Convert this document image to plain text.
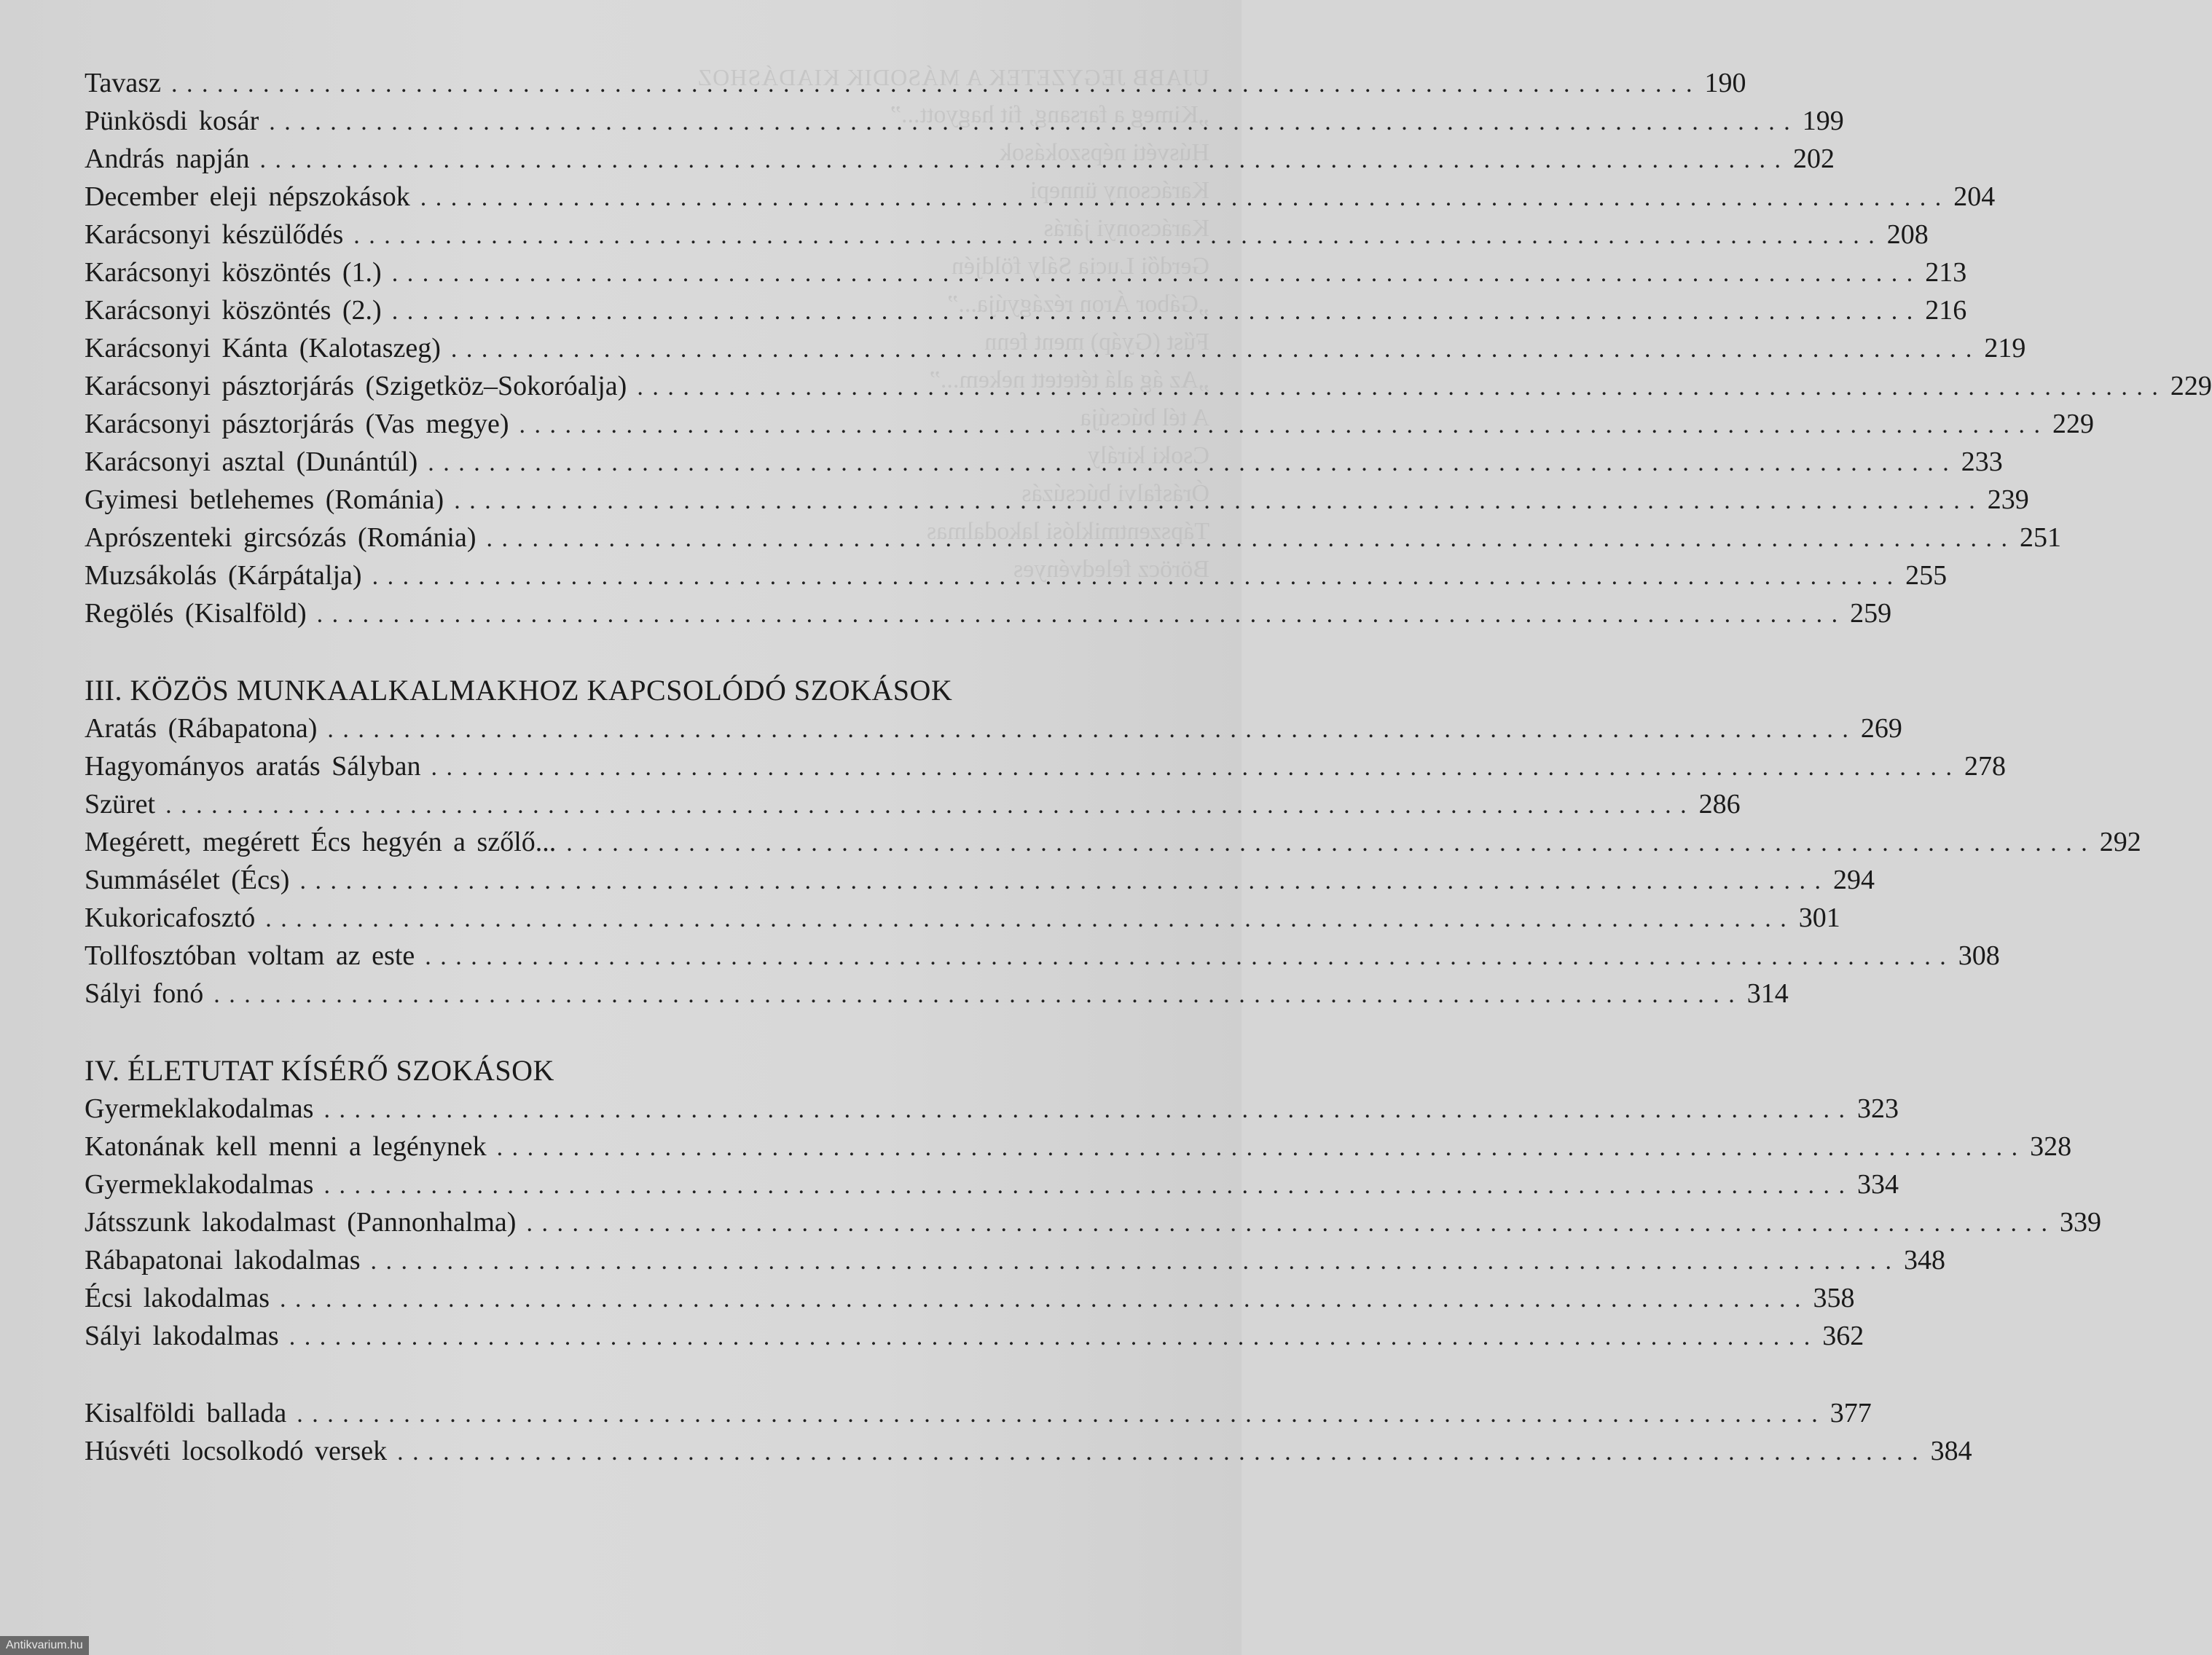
UJABB JEGYZETEK A MÁSODIK KIADÁSHOZ
„Kimeg a farsang, fit hagyott...”
Húsvéti népszokások
Karácsony ünnepi
Karácsonyi járás
Gerdői Lucia Sály földjén
„Gábor Áron rézágyúja...”
Fűst (Gyáp) ment fenn
„Az ág alá tétetett nekem...”
A tél búcsúja
Csoki király
Órásfalvi búcsúzás
Tápszentmiklósi lakodalmas
Böröcz feledvényes
Tavasz . . .	190
Pünkösdi kosár . . .	199
András napján . . .	202
December eleji népszokások . . .	204
Karácsonyi készülődés . . .	208
Karácsonyi köszöntés (1.) . . .	213
Karácsonyi köszöntés (2.) . . .	216
Karácsonyi Kánta (Kalotaszeg) . . .	219
Karácsonyi pásztorjárás (Szigetköz–Sokoróalja) . . .	229
Karácsonyi pásztorjárás (Vas megye) . . .	229
Karácsonyi asztal (Dunántúl) . . .	233
Gyimesi betlehemes (Románia) . . .	239
Aprószenteki gircsózás (Románia) . . .	251
Muzsákolás (Kárpátalja) . . .	255
Regölés (Kisalföld) . . .	259
III. KÖZÖS MUNKAALKALMAKHOZ KAPCSOLÓDÓ SZOKÁSOK
Aratás (Rábapatona) . . .	269
Hagyományos aratás Sályban . . .	278
Szüret . . .	286
Megérett, megérett Écs hegyén a szőlő... . . .	292
Summásélet (Écs) . . .	294
Kukoricafosztó . . .	301
Tollfosztóban voltam az este . . .	308
Sályi fonó . . .	314
IV. ÉLETUTAT KÍSÉRŐ SZOKÁSOK
Gyermeklakodalmas . . .	323
Katonának kell menni a legénynek . . .	328
Gyermeklakodalmas . . .	334
Játsszunk lakodalmast (Pannonhalma) . . .	339
Rábapatonai lakodalmas . . .	348
Écsi lakodalmas . . .	358
Sályi lakodalmas . . .	362
Kisalföldi ballada . . .	377
Húsvéti locsolkodó versek . . .	384
Antikvarium.hu
